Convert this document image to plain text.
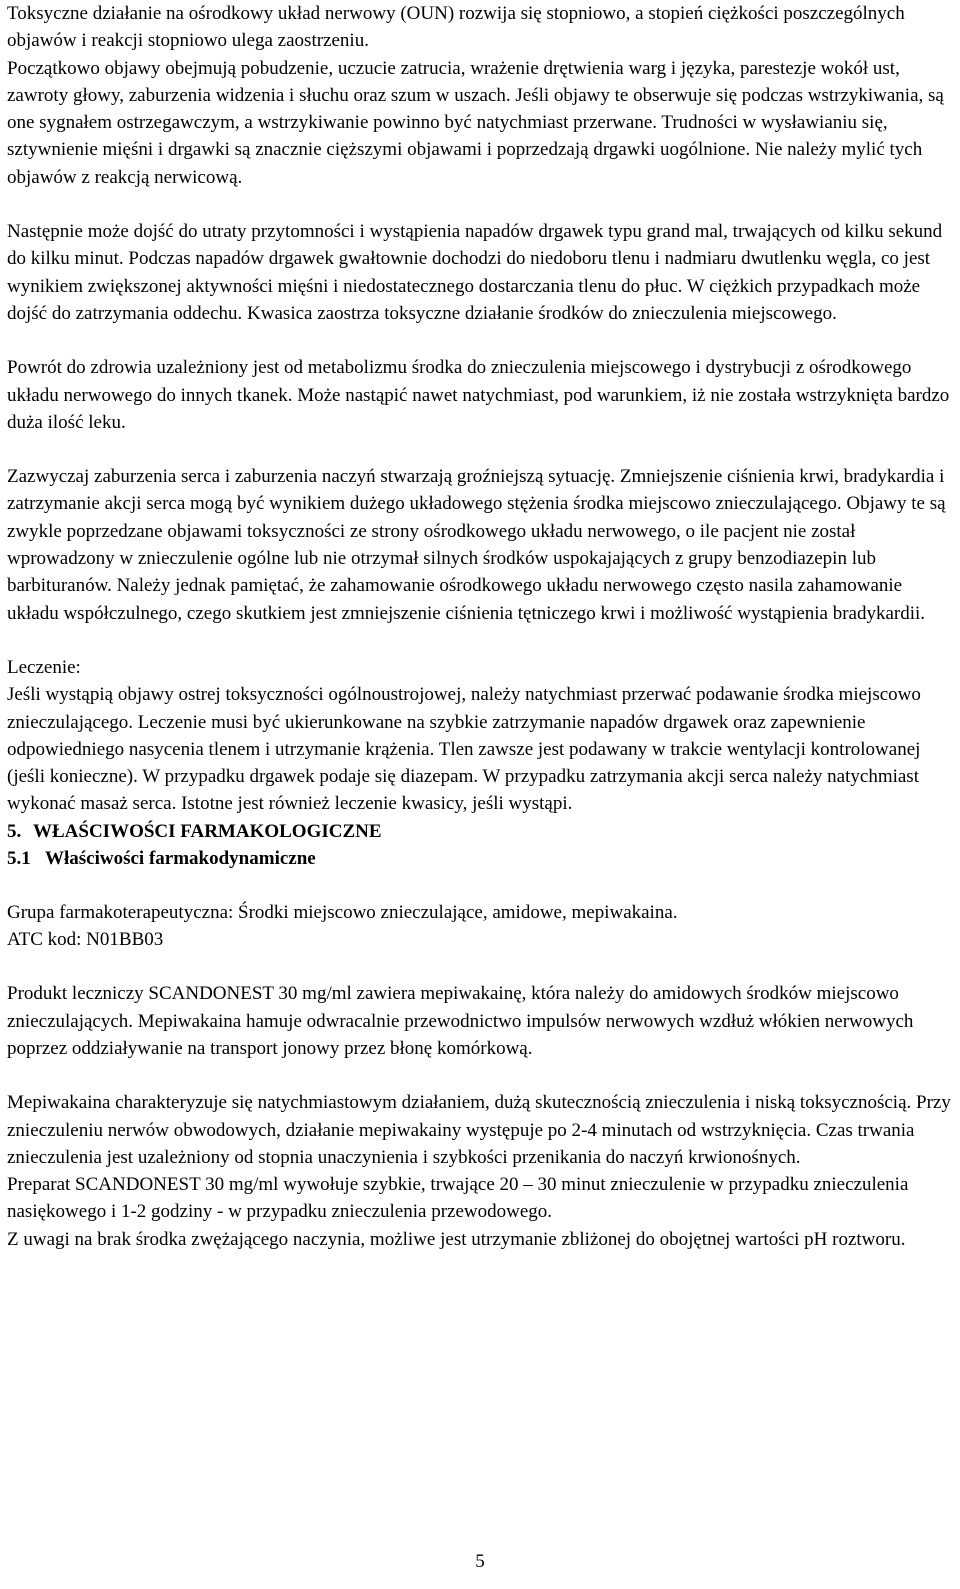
Toksyczne działanie na ośrodkowy układ nerwowy (OUN) rozwija się stopniowo, a stopień ciężkości poszczególnych objawów i reakcji stopniowo ulega zaostrzeniu.

Początkowo objawy obejmują pobudzenie, uczucie zatrucia, wrażenie drętwienia warg i języka, parestezje wokół ust, zawroty głowy, zaburzenia widzenia i słuchu oraz szum w uszach. Jeśli objawy te obserwuje się podczas wstrzykiwania, są one sygnałem ostrzegawczym, a wstrzykiwanie powinno być natychmiast przerwane. Trudności w wysławianiu się, sztywnienie mięśni i drgawki są znacznie cięższymi objawami i poprzedzają drgawki uogólnione. Nie należy mylić tych objawów z reakcją nerwicową.

Następnie może dojść do utraty przytomności i wystąpienia napadów drgawek typu grand mal, trwających od kilku sekund do kilku minut. Podczas napadów drgawek gwałtownie dochodzi do niedoboru tlenu i nadmiaru dwutlenku węgla, co jest wynikiem zwiększonej aktywności mięśni i niedostatecznego dostarczania tlenu do płuc. W ciężkich przypadkach może dojść do zatrzymania oddechu. Kwasica zaostrza toksyczne działanie środków do znieczulenia miejscowego.

Powrót do zdrowia uzależniony jest od metabolizmu środka do znieczulenia miejscowego i dystrybucji z ośrodkowego układu nerwowego do innych tkanek. Może nastąpić nawet natychmiast, pod warunkiem, iż nie została wstrzyknięta bardzo duża ilość leku.

Zazwyczaj zaburzenia serca i zaburzenia naczyń stwarzają groźniejszą sytuację. Zmniejszenie ciśnienia krwi, bradykardia i zatrzymanie akcji serca mogą być wynikiem dużego układowego stężenia środka miejscowo znieczulającego. Objawy te są zwykle poprzedzane objawami toksyczności ze strony ośrodkowego układu nerwowego, o ile pacjent nie został wprowadzony w znieczulenie ogólne lub nie otrzymał silnych środków uspokajających z grupy benzodiazepin lub barbituranów. Należy jednak pamiętać, że zahamowanie ośrodkowego układu nerwowego często nasila zahamowanie układu współczulnego, czego skutkiem jest zmniejszenie ciśnienia tętniczego krwi i możliwość wystąpienia bradykardii.

Leczenie:

Jeśli wystąpią objawy ostrej toksyczności ogólnoustrojowej, należy natychmiast przerwać podawanie środka miejscowo znieczulającego. Leczenie musi być ukierunkowane na szybkie zatrzymanie napadów drgawek oraz zapewnienie odpowiedniego nasycenia tlenem i utrzymanie krążenia. Tlen zawsze jest podawany w trakcie wentylacji kontrolowanej (jeśli konieczne). W przypadku drgawek podaje się diazepam. W przypadku zatrzymania akcji serca należy natychmiast wykonać masaż serca. Istotne jest również leczenie kwasicy, jeśli wystąpi.

5. WŁAŚCIWOŚCI FARMAKOLOGICZNE
5.1 Właściwości farmakodynamiczne

Grupa farmakoterapeutyczna: Środki miejscowo znieczulające, amidowe, mepiwakaina.

ATC kod: N01BB03

Produkt leczniczy SCANDONEST 30 mg/ml zawiera mepiwakainę, która należy do amidowych środków miejscowo znieczulających. Mepiwakaina hamuje odwracalnie przewodnictwo impulsów nerwowych wzdłuż włókien nerwowych poprzez oddziaływanie na transport jonowy przez błonę komórkową.

Mepiwakaina charakteryzuje się natychmiastowym działaniem, dużą skutecznością znieczulenia i niską toksycznością. Przy znieczuleniu nerwów obwodowych, działanie mepiwakainy występuje po 2-4 minutach od wstrzyknięcia. Czas trwania znieczulenia jest uzależniony od stopnia unaczynienia i szybkości przenikania do naczyń krwionośnych.

Preparat SCANDONEST 30 mg/ml wywołuje szybkie, trwające 20 – 30 minut znieczulenie w przypadku znieczulenia nasiękowego i 1-2 godziny - w przypadku znieczulenia przewodowego.

Z uwagi na brak środka zwężającego naczynia, możliwe jest utrzymanie zbliżonej do obojętnej wartości pH roztworu.

5
